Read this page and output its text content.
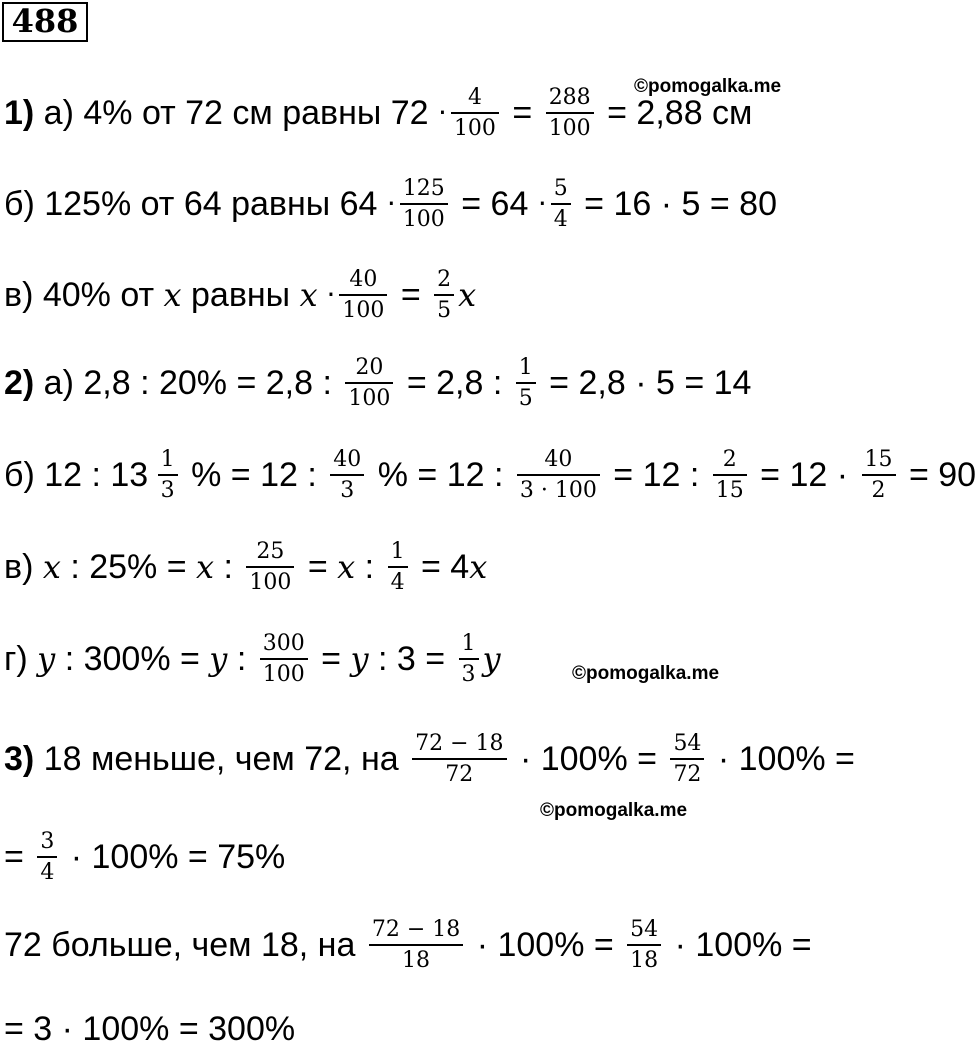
488
©pomogalka.me
©pomogalka.me
©pomogalka.me
1) а) 4% от 72 см равны $72 \cdot \frac{4}{100} = \frac{288}{100} = 2,88$ см
б) 125% от 64 равны $64 \cdot \frac{125}{100} = 64 \cdot \frac{5}{4} = 16 \cdot 5 = 80$
в) 40% от x равны $x \cdot \frac{40}{100} = \frac{2}{5}$ x
2) а) 2,8 : 20% = 2,8 : $\frac{20}{100} = 2,8$ : $\frac{1}{5} = 2,8 \cdot 5 = 14$
б) 12 : $13 \frac{1}{3}$ % = 12 : $\frac{40}{3}$ % = 12 : $\frac{40}{3 \cdot 100} = 12$ : $\frac{2}{15} = 12 \cdot \frac{15}{2} = 90$
в) x : 25% = x : $\frac{25}{100} = x$ : $\frac{1}{4} = 4$ x
г) y : 300% = y : $\frac{300}{100} = y$ : $3 = \frac{1}{3}$ y
3) 18 меньше, чем 72, на $\frac{72 - 18}{72} \cdot 100\% = \frac{54}{72} \cdot 100\%$ =
= $\frac{3}{4} \cdot 100\% = 75\%$
72 больше, чем 18, на $\frac{72 - 18}{18} \cdot 100\% = \frac{54}{18} \cdot 100\%$ =
= 3 · 100% = 300%
